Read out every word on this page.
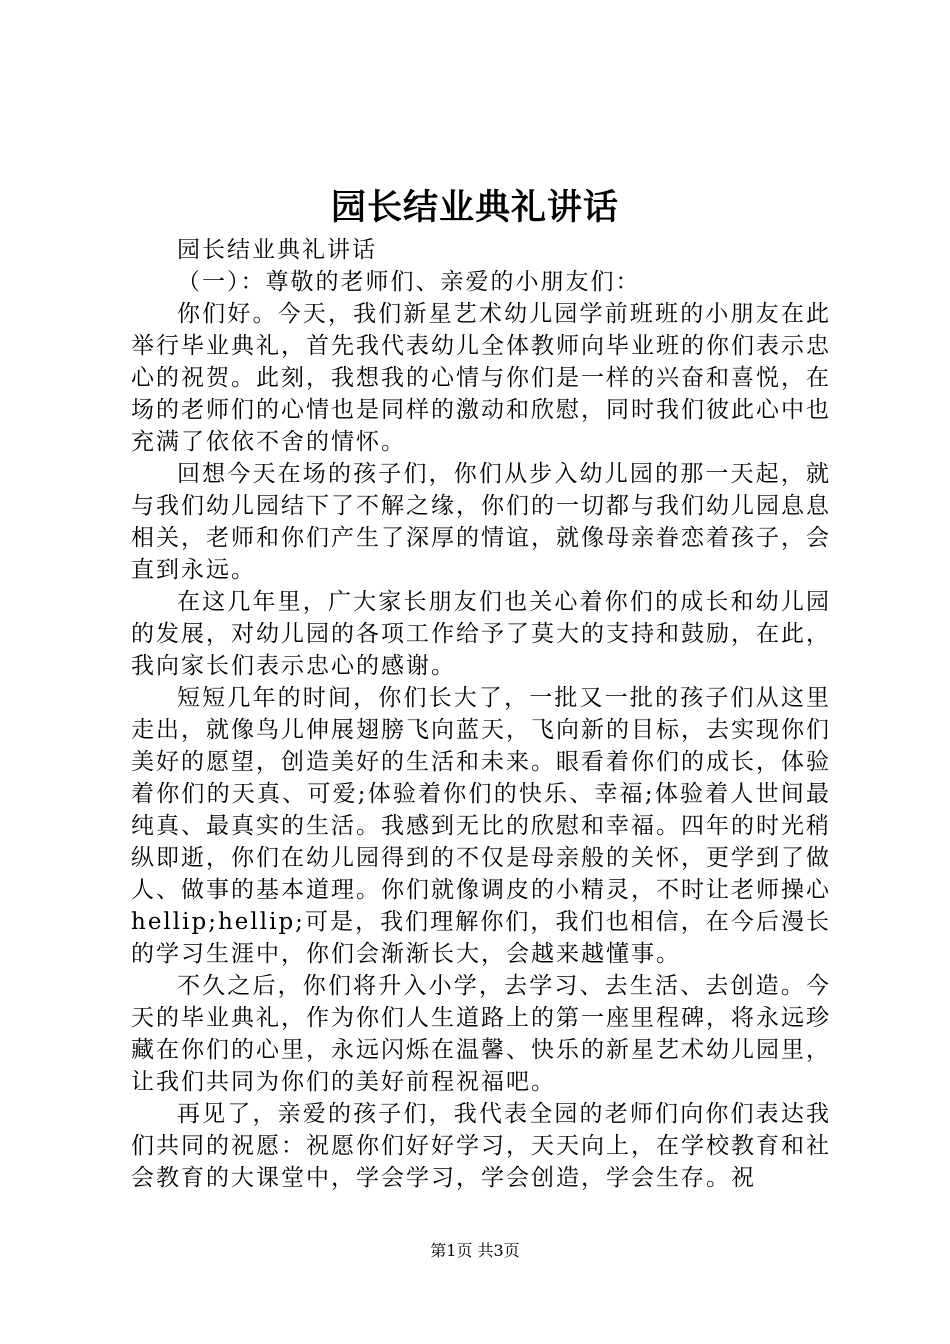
园长结业典礼讲话

园长结业典礼讲话

（一）：尊敬的老师们、亲爱的小朋友们：

你们好。今天，我们新星艺术幼儿园学前班班的小朋友在此举行毕业典礼，首先我代表幼儿全体教师向毕业班的你们表示忠心的祝贺。此刻，我想我的心情与你们是一样的兴奋和喜悦，在场的老师们的心情也是同样的激动和欣慰，同时我们彼此心中也充满了依依不舍的情怀。

回想今天在场的孩子们，你们从步入幼儿园的那一天起，就与我们幼儿园结下了不解之缘，你们的一切都与我们幼儿园息息相关，老师和你们产生了深厚的情谊，就像母亲眷恋着孩子，会直到永远。

在这几年里，广大家长朋友们也关心着你们的成长和幼儿园的发展，对幼儿园的各项工作给予了莫大的支持和鼓励，在此，我向家长们表示忠心的感谢。

短短几年的时间，你们长大了，一批又一批的孩子们从这里走出，就像鸟儿伸展翅膀飞向蓝天，飞向新的目标，去实现你们美好的愿望，创造美好的生活和未来。眼看着你们的成长，体验着你们的天真、可爱;体验着你们的快乐、幸福;体验着人世间最纯真、最真实的生活。我感到无比的欣慰和幸福。四年的时光稍纵即逝，你们在幼儿园得到的不仅是母亲般的关怀，更学到了做人、做事的基本道理。你们就像调皮的小精灵，不时让老师操心hellip;hellip;可是，我们理解你们，我们也相信，在今后漫长的学习生涯中，你们会渐渐长大，会越来越懂事。

不久之后，你们将升入小学，去学习、去生活、去创造。今天的毕业典礼，作为你们人生道路上的第一座里程碑，将永远珍藏在你们的心里，永远闪烁在温馨、快乐的新星艺术幼儿园里，让我们共同为你们的美好前程祝福吧。

再见了，亲爱的孩子们，我代表全园的老师们向你们表达我们共同的祝愿：祝愿你们好好学习，天天向上，在学校教育和社会教育的大课堂中，学会学习，学会创造，学会生存。祝

第1页 共3页
